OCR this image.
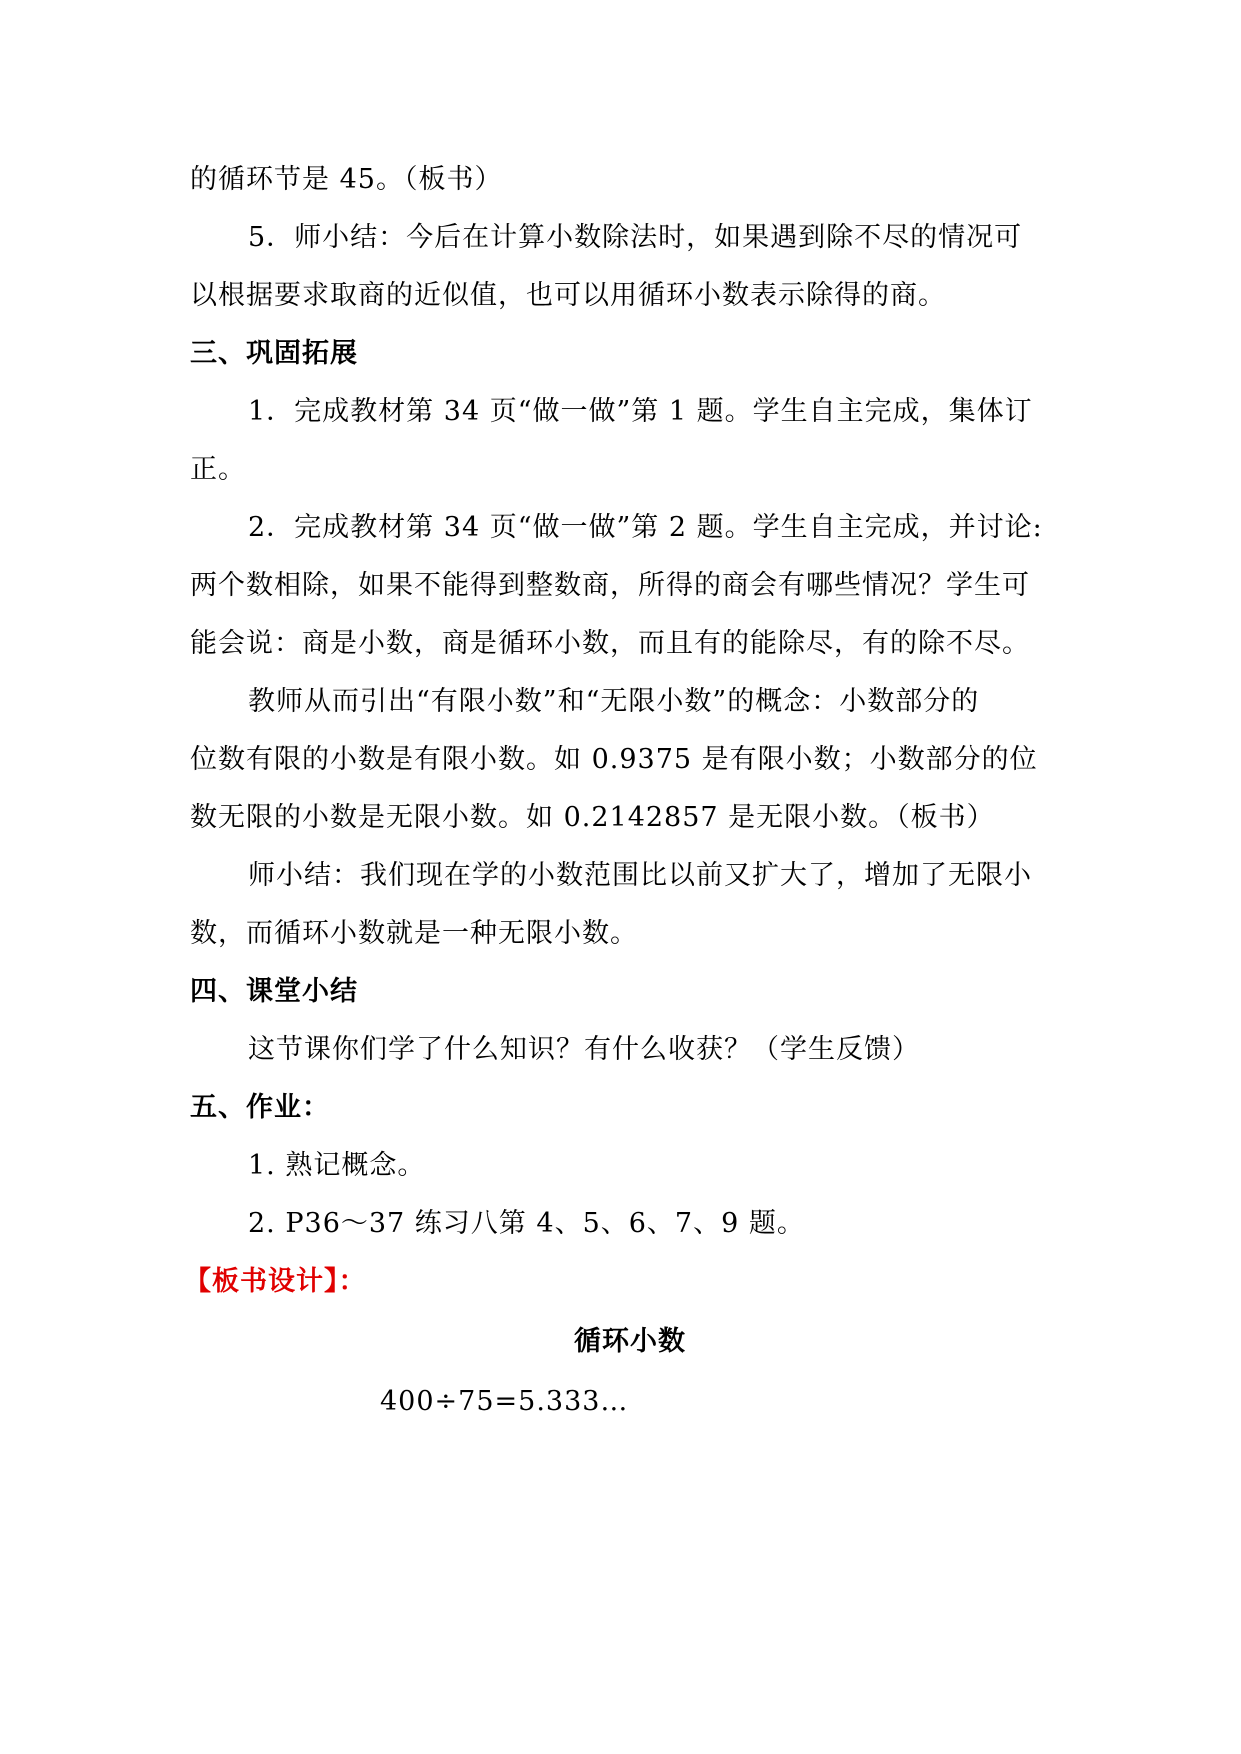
的循环节是 45。（板书）
5．师小结：今后在计算小数除法时，如果遇到除不尽的情况可
以根据要求取商的近似值，也可以用循环小数表示除得的商。
三、巩固拓展
1．完成教材第 34 页“做一做”第 1 题。学生自主完成，集体订
正。
2．完成教材第 34 页“做一做”第 2 题。学生自主完成，并讨论:
两个数相除，如果不能得到整数商，所得的商会有哪些情况？学生可
能会说：商是小数，商是循环小数，而且有的能除尽，有的除不尽。
教师从而引出“有限小数”和“无限小数”的概念：小数部分的
位数有限的小数是有限小数。如 0.9375 是有限小数；小数部分的位
数无限的小数是无限小数。如 0.2142857 是无限小数。（板书）
师小结：我们现在学的小数范围比以前又扩大了，增加了无限小
数，而循环小数就是一种无限小数。
四、课堂小结
这节课你们学了什么知识？有什么收获？（学生反馈）
五、作业：
1. 熟记概念。
2. P36～37 练习八第 4、5、6、7、9 题。
【板书设计】：
循环小数
400÷75=5.333…
